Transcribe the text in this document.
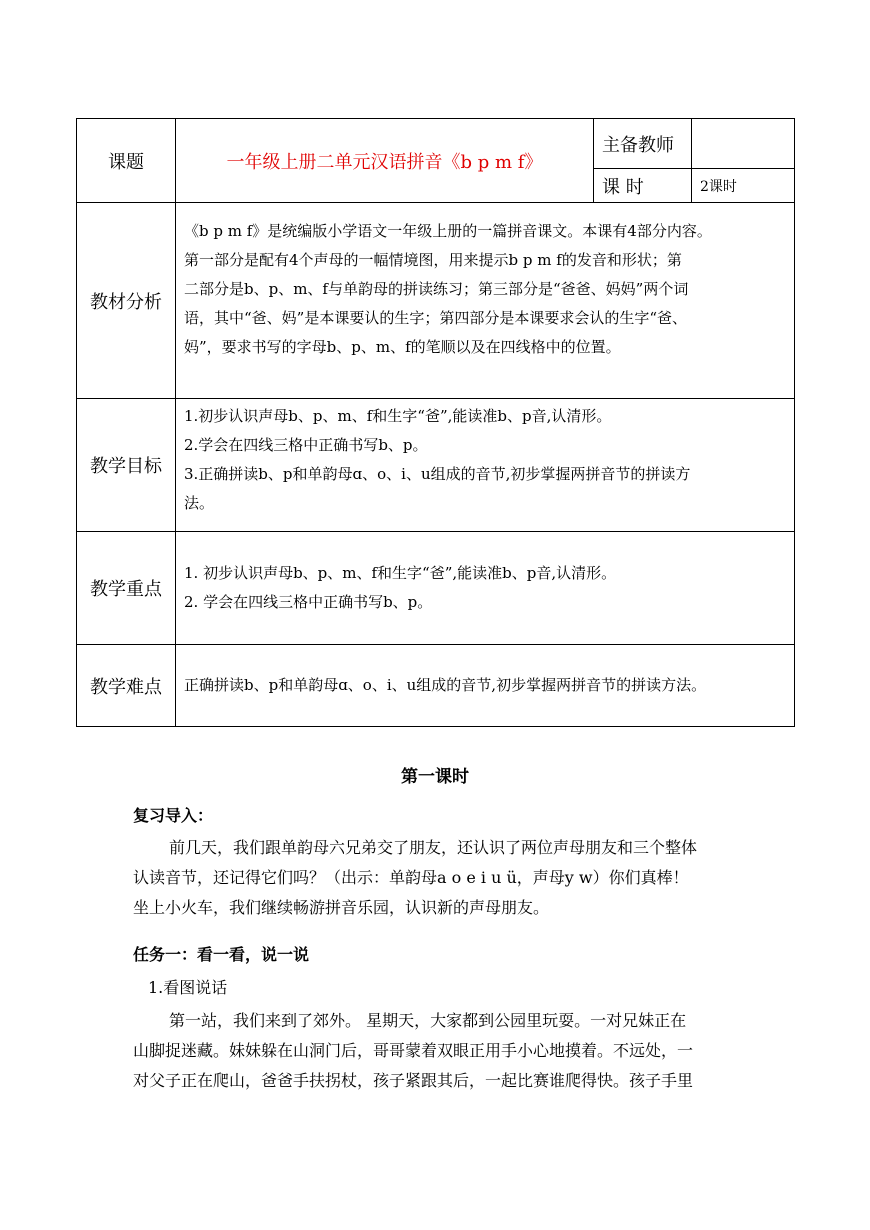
课题	一年级上册二单元汉语拼音《b p m f》	主备教师	
		课 时	2课时
教材分析	《b p m f》是统编版小学语文一年级上册的一篇拼音课文。本课有4部分内容。

第一部分是配有4个声母的一幅情境图，用来提示b p m f的发音和形状；第

二部分是b、p、m、f与单韵母的拼读练习；第三部分是“爸爸、妈妈”两个词

语，其中“爸、妈”是本课要认的生字；第四部分是本课要求会认的生字“爸、

妈”，要求书写的字母b、p、m、f的笔顺以及在四线格中的位置。		

教学目标	1.初步认识声母b、p、m、f和生字“爸”,能读准b、p音,认清形。

2.学会在四线三格中正确书写b、p。

3.正确拼读b、p和单韵母ɑ、o、i、u组成的音节,初步掌握两拼音节的拼读方

法。		

教学重点	1. 初步认识声母b、p、m、f和生字“爸”,能读准b、p音,认清形。

2. 学会在四线三格中正确书写b、p。		

教学难点	正确拼读b、p和单韵母ɑ、o、i、u组成的音节,初步掌握两拼音节的拼读方法。		

第一课时
复习导入：

前几天，我们跟单韵母六兄弟交了朋友，还认识了两位声母朋友和三个整体

认读音节，还记得它们吗？（出示：单韵母a o e i u ü，声母y w）你们真棒！

坐上小火车，我们继续畅游拼音乐园，认识新的声母朋友。

任务一：看一看，说一说
1.看图说话

第一站，我们来到了郊外。 星期天，大家都到公园里玩耍。一对兄妹正在

山脚捉迷藏。妹妹躲在山洞门后，哥哥蒙着双眼正用手小心地摸着。不远处，一

对父子正在爬山，爸爸手扶拐杖，孩子紧跟其后，一起比赛谁爬得快。孩子手里
